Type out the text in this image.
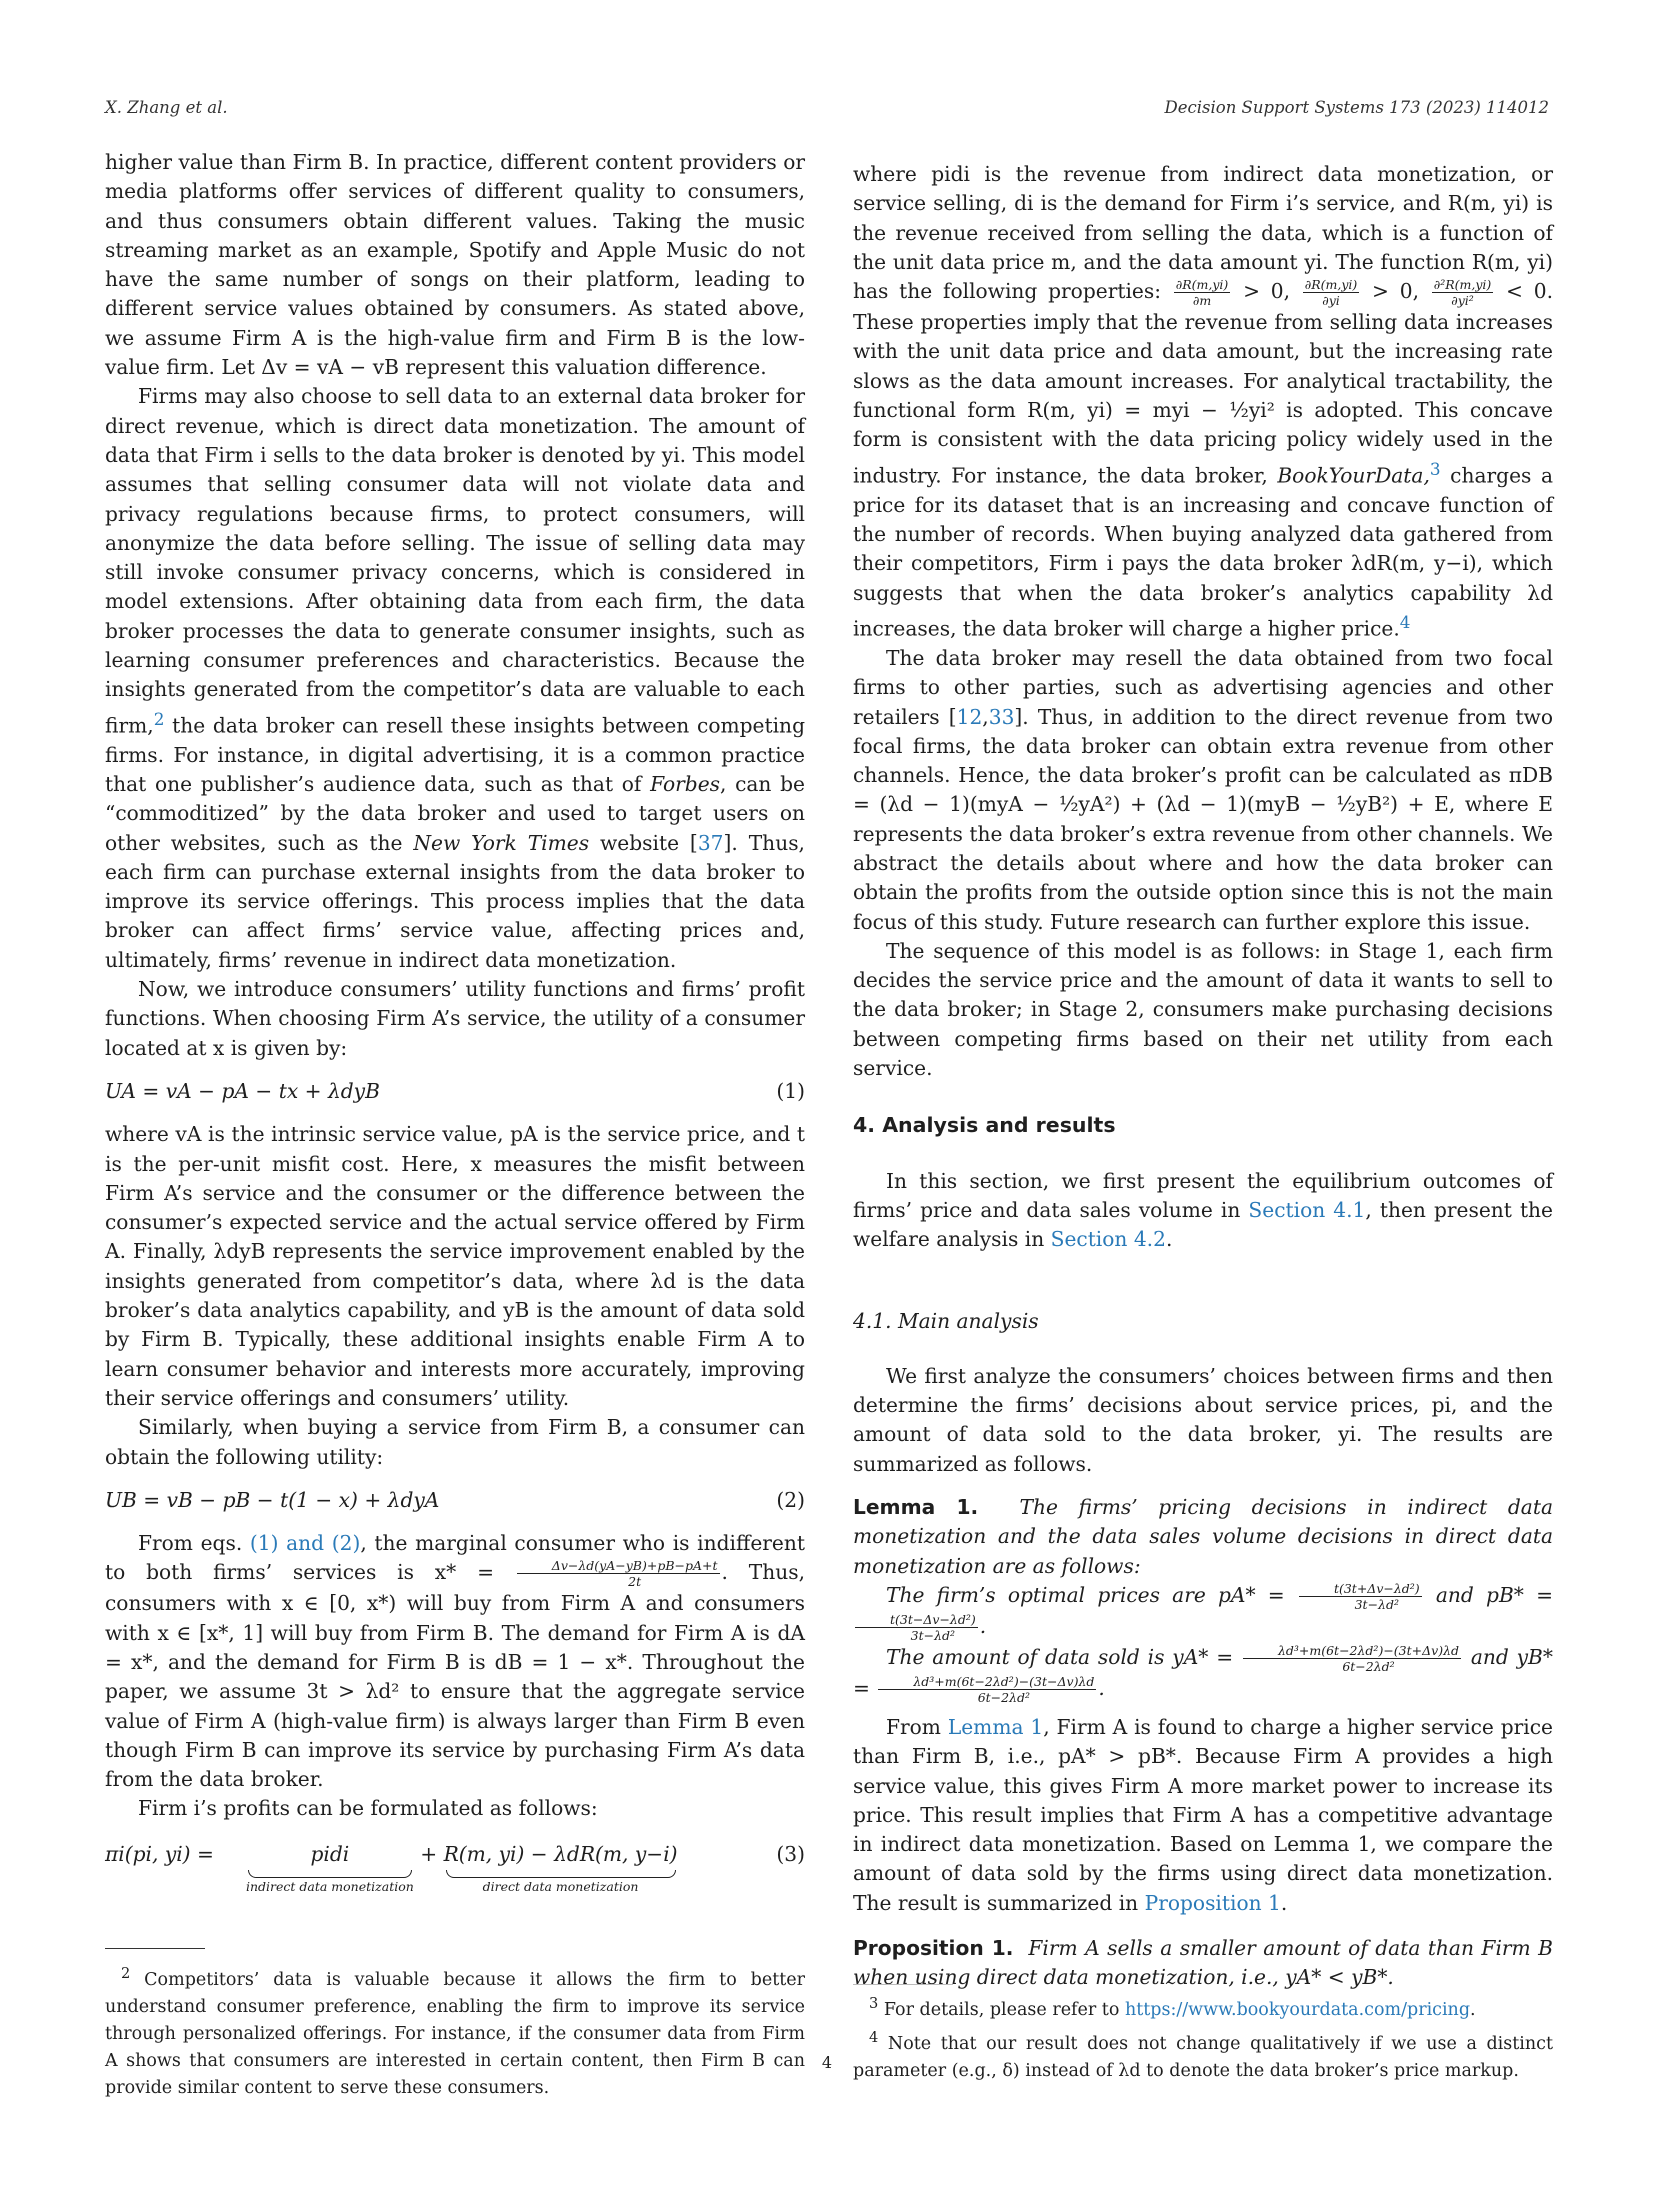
X. Zhang et al.	Decision Support Systems 173 (2023) 114012

higher value than Firm B. In practice, different content providers or media platforms offer services of different quality to consumers, and thus consumers obtain different values. Taking the music streaming market as an example, Spotify and Apple Music do not have the same number of songs on their platform, leading to different service values obtained by consumers. As stated above, we assume Firm A is the high-value firm and Firm B is the low-value firm. Let Δv = vA − vB represent this valuation difference.

Firms may also choose to sell data to an external data broker for direct revenue, which is direct data monetization. The amount of data that Firm i sells to the data broker is denoted by yi. This model assumes that selling consumer data will not violate data and privacy regulations because firms, to protect consumers, will anonymize the data before selling. The issue of selling data may still invoke consumer privacy concerns, which is considered in model extensions. After obtaining data from each firm, the data broker processes the data to generate consumer insights, such as learning consumer preferences and characteristics. Because the insights generated from the competitor’s data are valuable to each firm,$^2$ the data broker can resell these insights between competing firms. For instance, in digital advertising, it is a common practice that one publisher’s audience data, such as that of Forbes, can be “commoditized” by the data broker and used to target users on other websites, such as the New York Times website [37]. Thus, each firm can purchase external insights from the data broker to improve its service offerings. This process implies that the data broker can affect firms’ service value, affecting prices and, ultimately, firms’ revenue in indirect data monetization.

Now, we introduce consumers’ utility functions and firms’ profit functions. When choosing Firm A’s service, the utility of a consumer located at x is given by:

UA = vA − pA − tx + λdyB	(1)

where vA is the intrinsic service value, pA is the service price, and t is the per-unit misfit cost. Here, x measures the misfit between Firm A’s service and the consumer or the difference between the consumer’s expected service and the actual service offered by Firm A. Finally, λdyB represents the service improvement enabled by the insights generated from competitor’s data, where λd is the data broker’s data analytics capability, and yB is the amount of data sold by Firm B. Typically, these additional insights enable Firm A to learn consumer behavior and interests more accurately, improving their service offerings and consumers’ utility.

Similarly, when buying a service from Firm B, a consumer can obtain the following utility:

UB = vB − pB − t(1 − x) + λdyA	(2)

From eqs. (1) and (2), the marginal consumer who is indifferent to both firms’ services is $x* = \frac{\Delta v-\lambda d(yA-yB)+pB-pA+t}{2t}$ . Thus, consumers with x ∈ [0, x*) will buy from Firm A and consumers with x ∈ [x*, 1] will buy from Firm B. The demand for Firm A is dA = x*, and the demand for Firm B is dB = 1 − x*. Throughout the paper, we assume 3t > λd² to ensure that the aggregate service value of Firm A (high-value firm) is always larger than Firm B even though Firm B can improve its service by purchasing Firm A’s data from the data broker.

Firm i’s profits can be formulated as follows:

πi(pi, yi) =	pidi
indirect data monetization
+ R(m, yi) − λdR(m, y−i)
direct data monetization
(3)

$^2$ Competitors’ data is valuable because it allows the firm to better understand consumer preference, enabling the firm to improve its service through personalized offerings. For instance, if the consumer data from Firm A shows that consumers are interested in certain content, then Firm B can provide similar content to serve these consumers.

where pidi is the revenue from indirect data monetization, or service selling, di is the demand for Firm i’s service, and R(m, yi) is the revenue received from selling the data, which is a function of the unit data price m, and the data amount yi. The function R(m, yi) has the following properties: $\frac{\partial R(m,yi)}{\partial m} > 0$, $\frac{\partial R(m,yi)}{\partial yi} > 0$, $\frac{\text{∂²R(m,yi)}}{\text{∂yi²}} < 0$. These properties imply that the revenue from selling data increases with the unit data price and data amount, but the increasing rate slows as the data amount increases. For analytical tractability, the functional form R(m, yi) = myi − ½yi² is adopted. This concave form is consistent with the data pricing policy widely used in the industry. For instance, the data broker, BookYourData,$^3$ charges a price for its dataset that is an increasing and concave function of the number of records. When buying analyzed data gathered from their competitors, Firm i pays the data broker λdR(m, y−i), which suggests that when the data broker’s analytics capability λd increases, the data broker will charge a higher price.$^4$

The data broker may resell the data obtained from two focal firms to other parties, such as advertising agencies and other retailers [12,33]. Thus, in addition to the direct revenue from two focal firms, the data broker can obtain extra revenue from other channels. Hence, the data broker’s profit can be calculated as πDB = (λd − 1)(myA − ½yA²) + (λd − 1)(myB − ½yB²) + E, where E represents the data broker’s extra revenue from other channels. We abstract the details about where and how the data broker can obtain the profits from the outside option since this is not the main focus of this study. Future research can further explore this issue.

The sequence of this model is as follows: in Stage 1, each firm decides the service price and the amount of data it wants to sell to the data broker; in Stage 2, consumers make purchasing decisions between competing firms based on their net utility from each service.

4. Analysis and results

In this section, we first present the equilibrium outcomes of firms’ price and data sales volume in Section 4.1, then present the welfare analysis in Section 4.2.

4.1. Main analysis

We first analyze the consumers’ choices between firms and then determine the firms’ decisions about service prices, pi, and the amount of data sold to the data broker, yi. The results are summarized as follows.

Lemma 1. The firms’ pricing decisions in indirect data monetization and the data sales volume decisions in direct data monetization are as follows:

The firm’s optimal prices are $pA* = \frac{\text{t(3t+Δv−λd²)}}{\text{3t−λd²}}$ and pB* =
$\frac{\text{t(3t−Δv−λd²)}}{\text{3t−λd²}}$ .

The amount of data sold is $yA* = \frac{\text{λd³+m(6t−2λd²)−(3t+Δv)λd}}{\text{6t−2λd²}}$ and $yB* = \frac{\text{λd³+m(6t−2λd²)−(3t−Δv)λd}}{\text{6t−2λd²}}$ .

From Lemma 1, Firm A is found to charge a higher service price than Firm B, i.e., pA* > pB*. Because Firm A provides a high service value, this gives Firm A more market power to increase its price. This result implies that Firm A has a competitive advantage in indirect data monetization. Based on Lemma 1, we compare the amount of data sold by the firms using direct data monetization. The result is summarized in Proposition 1.

Proposition 1. Firm A sells a smaller amount of data than Firm B when using direct data monetization, i.e., yA* < yB*.

$^3$ For details, please refer to https://www.bookyourdata.com/pricing.

$^4$ Note that our result does not change qualitatively if we use a distinct parameter (e.g., δ) instead of λd to denote the data broker’s price markup.

4
